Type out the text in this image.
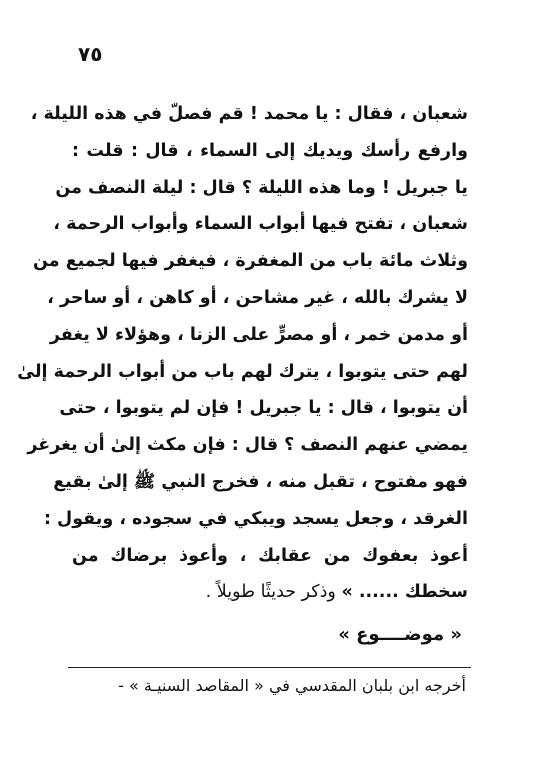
٧٥
شعبان ، فقال : يا محمد ! قم فصلّ في هذه الليلة ،
وارفع رأسك ويديك إلى السماء ، قال : قلت :
يا جبريل ! وما هذه الليلة ؟ قال : ليلة النصف من
شعبان ، تفتح فيها أبواب السماء وأبواب الرحمة ،
وثلاث مائة باب من المغفرة ، فيغفر فيها لجميع من
لا يشرك بالله ، غير مشاحن ، أو كاهن ، أو ساحر ،
أو مدمن خمر ، أو مصرٍّ على الزنا ، وهؤلاء لا يغفر
لهم حتى يتوبوا ، يترك لهم باب من أبواب الرحمة إلىٰ
أن يتوبوا ، قال : يا جبريل ! فإن لم يتوبوا ، حتى
يمضي عنهم النصف ؟ قال : فإن مكث إلىٰ أن يغرغر
فهو مفتوح ، تقبل منه ، فخرج النبي ﷺ إلىٰ بقيع
الغرقد ، وجعل يسجد ويبكي في سجوده ، ويقول :
أعوذ بعفوك من عقابك ، وأعوذ برضاك من
سخطك ...... » وذكر حديثًا طويلاً .
« موضــــوع »
أخرجه ابن بلبان المقدسي في « المقاصد السنيـة » -
